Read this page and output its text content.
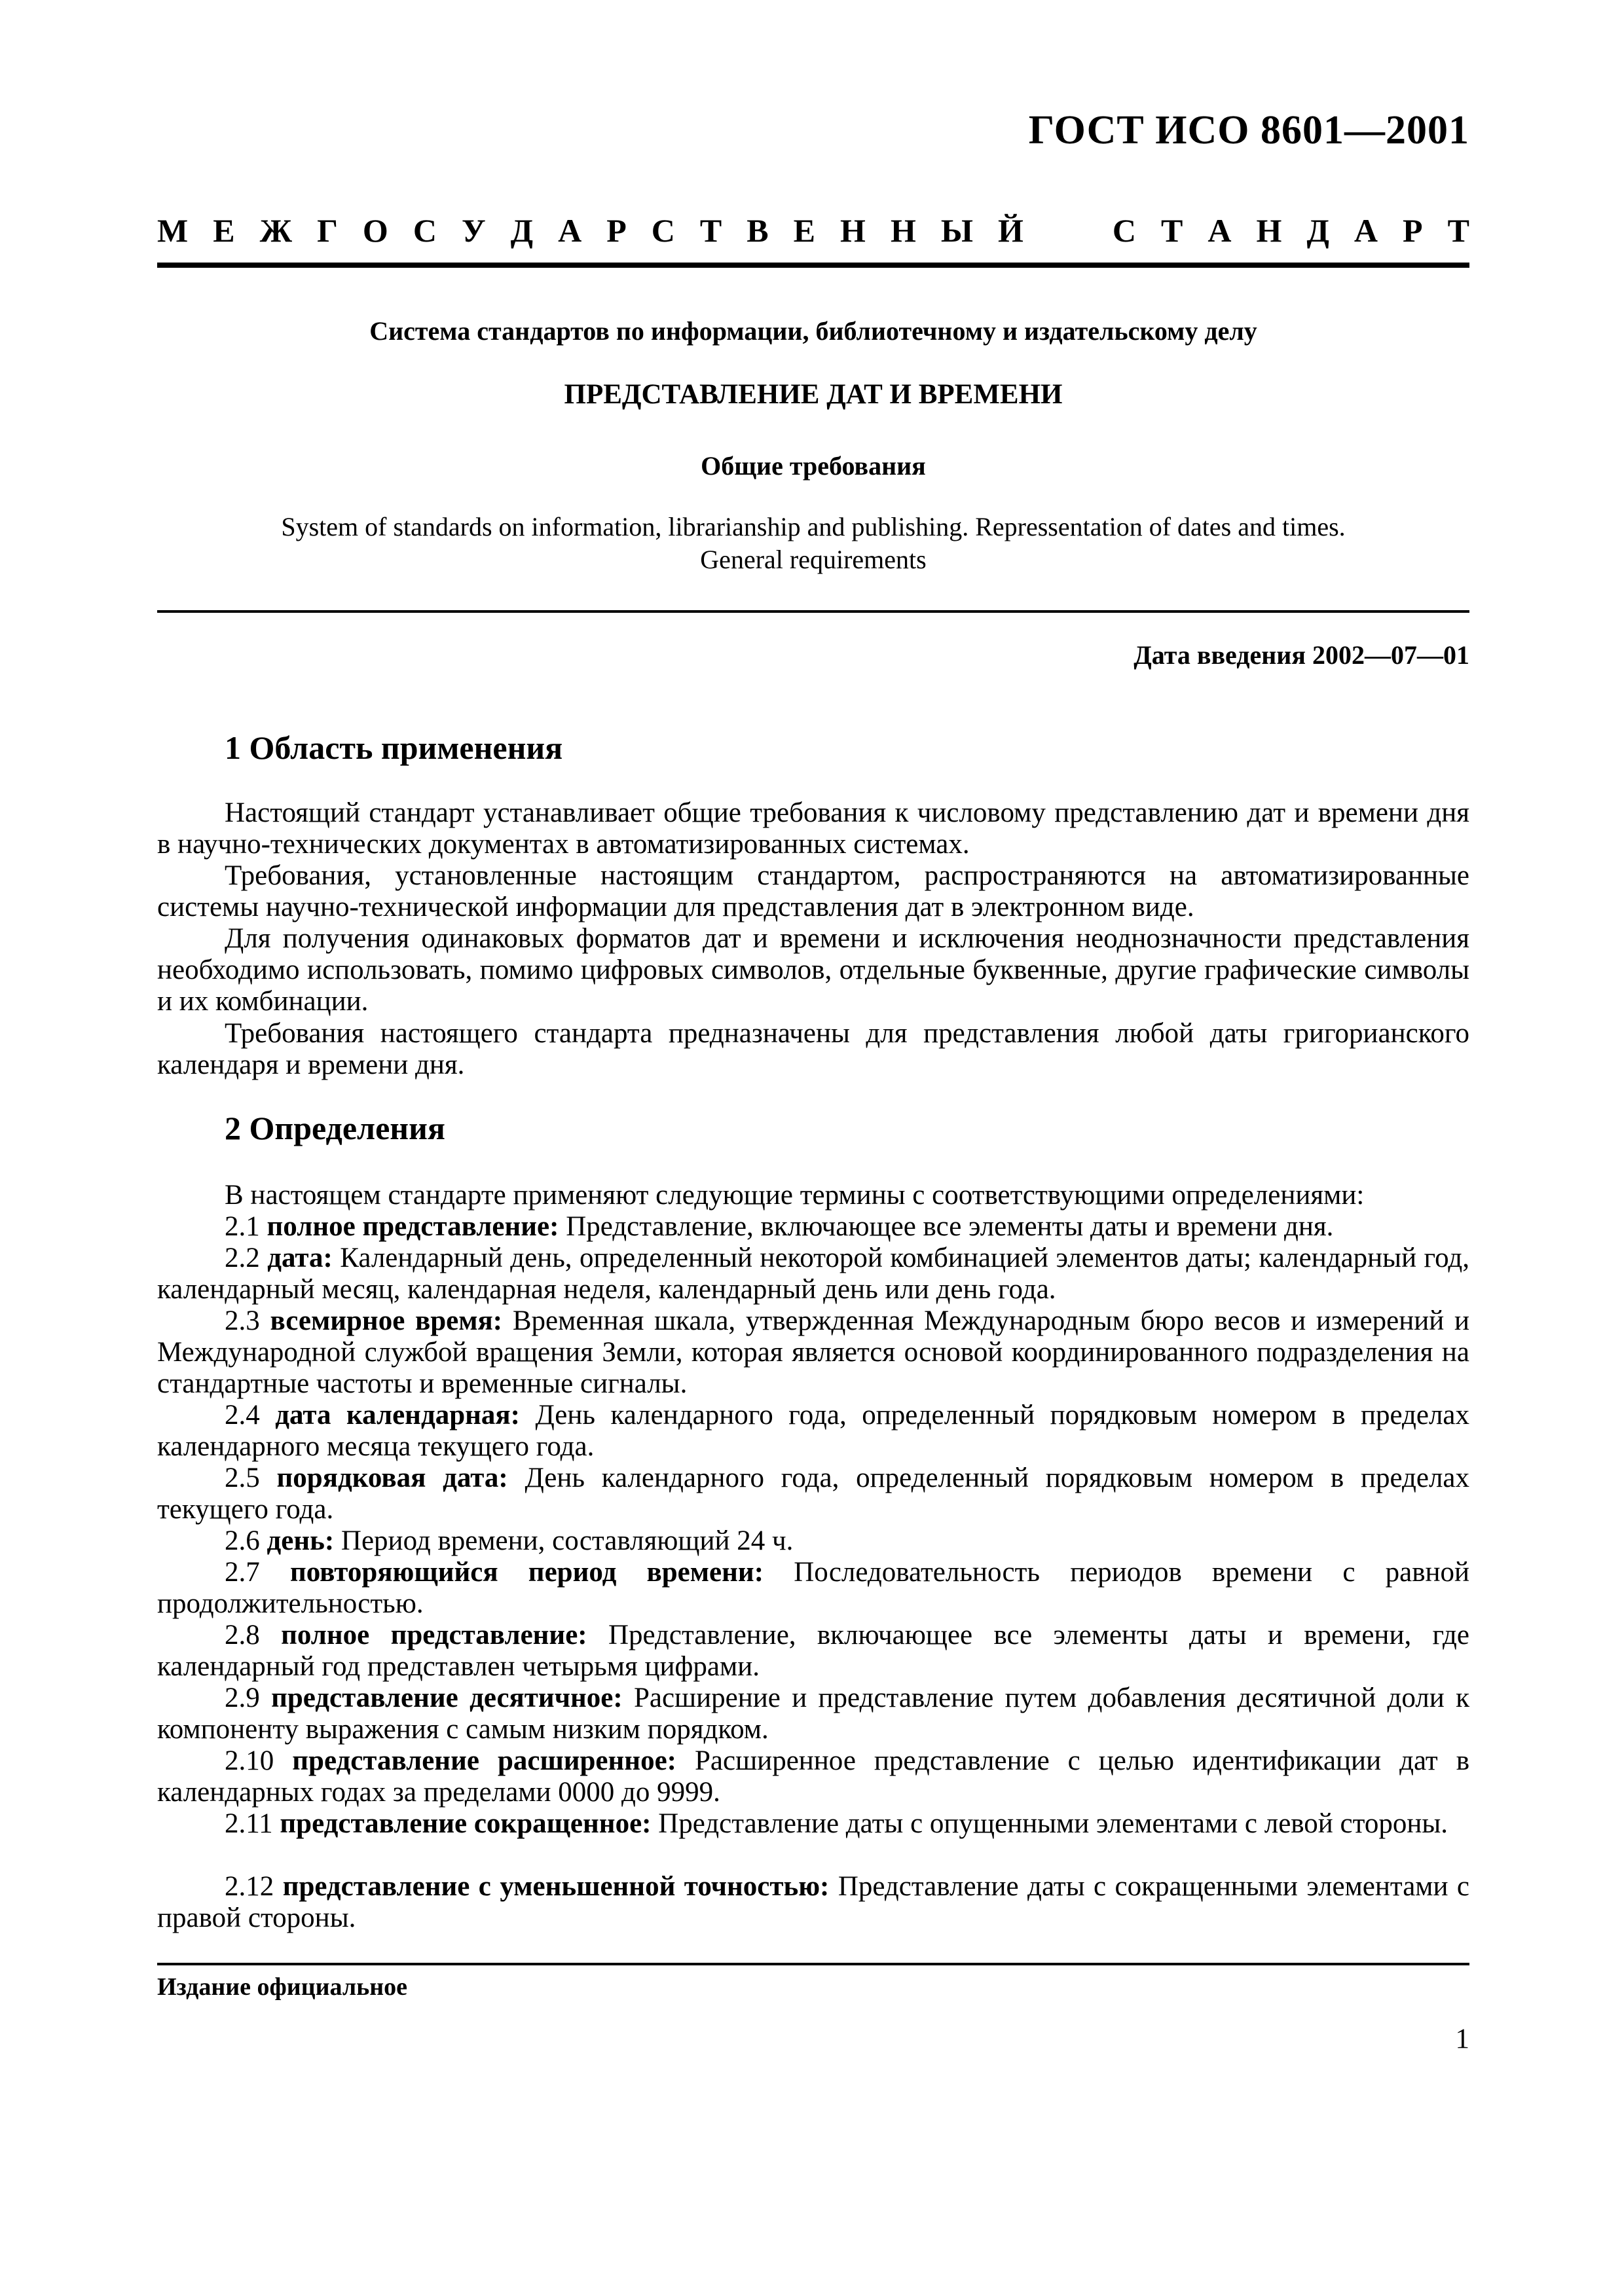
ГОСТ ИСО 8601—2001
М Е Ж Г О С У Д А Р С Т В Е Н Н Ы Й	С Т А Н Д А Р Т
Система стандартов по информации, библиотечному и издательскому делу
ПРЕДСТАВЛЕНИЕ ДАТ И ВРЕМЕНИ
Общие требования
System of standards on information, librarianship and publishing. Repressentation of dates and times.
General requirements
Дата введения 2002—07—01
1 Область применения
Настоящий стандарт устанавливает общие требования к числовому представлению дат и времени дня в научно-технических документах в автоматизированных системах.
Требования, установленные настоящим стандартом, распространяются на автоматизированные системы научно-технической информации для представления дат в электронном виде.
Для получения одинаковых форматов дат и времени и исключения неоднозначности представления необходимо использовать, помимо цифровых символов, отдельные буквенные, другие графические символы и их комбинации.
Требования настоящего стандарта предназначены для представления любой даты григорианского календаря и времени дня.
2 Определения
В настоящем стандарте применяют следующие термины с соответствующими определениями:
2.1 полное представление: Представление, включающее все элементы даты и времени дня.
2.2 дата: Календарный день, определенный некоторой комбинацией элементов даты; календарный год, календарный месяц, календарная неделя, календарный день или день года.
2.3 всемирное время: Временная шкала, утвержденная Международным бюро весов и измерений и Международной службой вращения Земли, которая является основой координированного подразделения на стандартные частоты и временные сигналы.
2.4 дата календарная: День календарного года, определенный порядковым номером в пределах календарного месяца текущего года.
2.5 порядковая дата: День календарного года, определенный порядковым номером в пределах текущего года.
2.6 день: Период времени, составляющий 24 ч.
2.7 повторяющийся период времени: Последовательность периодов времени с равной продолжительностью.
2.8 полное представление: Представление, включающее все элементы даты и времени, где календарный год представлен четырьмя цифрами.
2.9 представление десятичное: Расширение и представление путем добавления десятичной доли к компоненту выражения с самым низким порядком.
2.10 представление расширенное: Расширенное представление с целью идентификации дат в календарных годах за пределами 0000 до 9999.
2.11 представление сокращенное: Представление даты с опущенными элементами с левой стороны.
2.12 представление с уменьшенной точностью: Представление даты с сокращенными элементами с правой стороны.
Издание официальное
1
